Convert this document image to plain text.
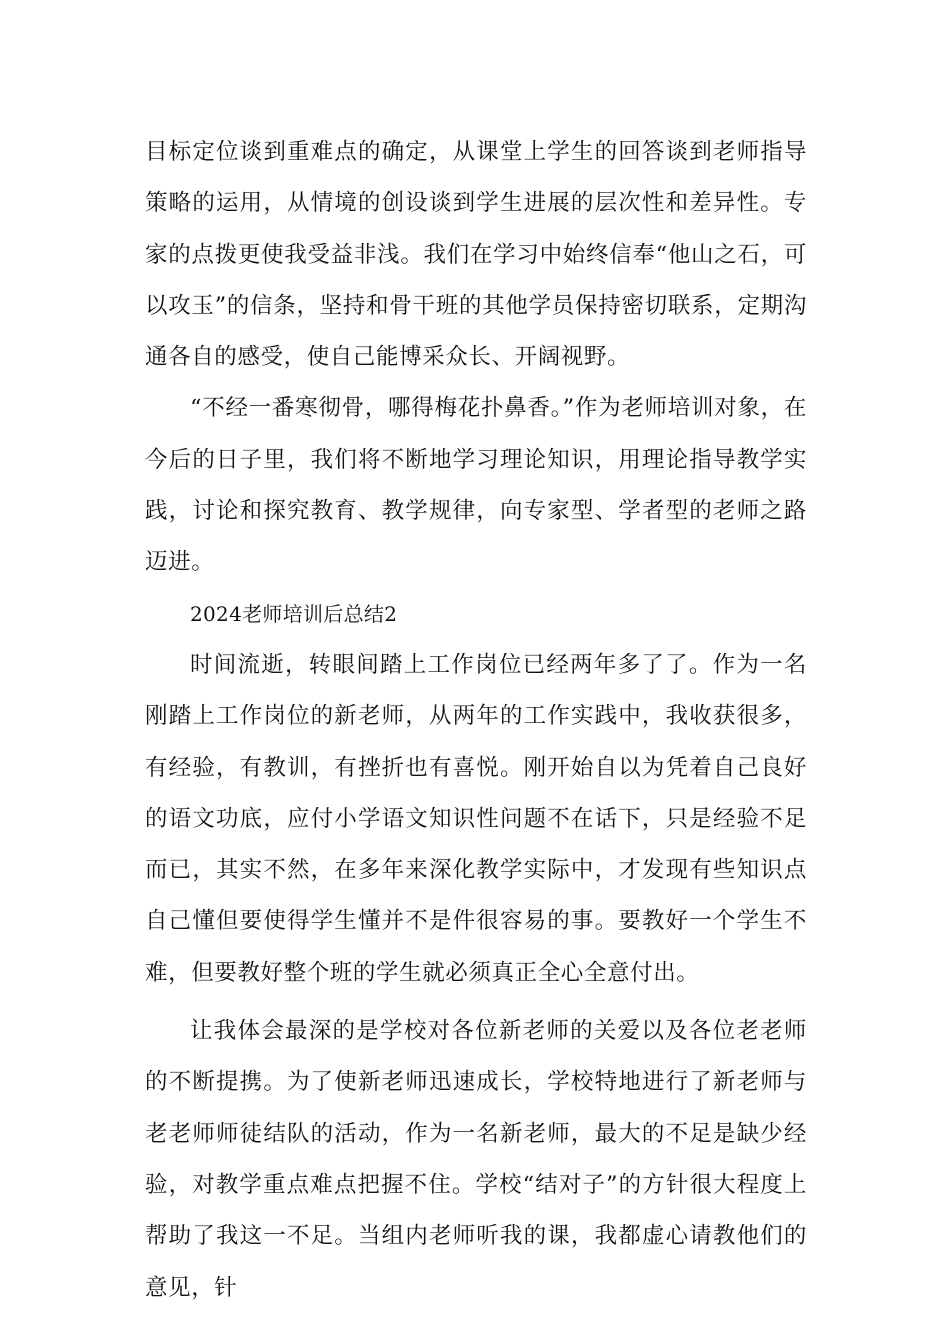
目标定位谈到重难点的确定，从课堂上学生的回答谈到老师指导策略的运用，从情境的创设谈到学生进展的层次性和差异性。专家的点拨更使我受益非浅。我们在学习中始终信奉“他山之石，可以攻玉”的信条，坚持和骨干班的其他学员保持密切联系，定期沟通各自的感受，使自己能博采众长、开阔视野。

“不经一番寒彻骨，哪得梅花扑鼻香。”作为老师培训对象，在今后的日子里，我们将不断地学习理论知识，用理论指导教学实践，讨论和探究教育、教学规律，向专家型、学者型的老师之路迈进。

2024老师培训后总结2

时间流逝，转眼间踏上工作岗位已经两年多了了。作为一名刚踏上工作岗位的新老师，从两年的工作实践中，我收获很多，有经验，有教训，有挫折也有喜悦。刚开始自以为凭着自己良好的语文功底，应付小学语文知识性问题不在话下，只是经验不足而已，其实不然，在多年来深化教学实际中，才发现有些知识点自己懂但要使得学生懂并不是件很容易的事。要教好一个学生不难，但要教好整个班的学生就必须真正全心全意付出。

让我体会最深的是学校对各位新老师的关爱以及各位老老师的不断提携。为了使新老师迅速成长，学校特地进行了新老师与老老师师徒结队的活动，作为一名新老师，最大的不足是缺少经验，对教学重点难点把握不住。学校“结对子”的方针很大程度上帮助了我这一不足。当组内老师听我的课，我都虚心请教他们的意见，针
